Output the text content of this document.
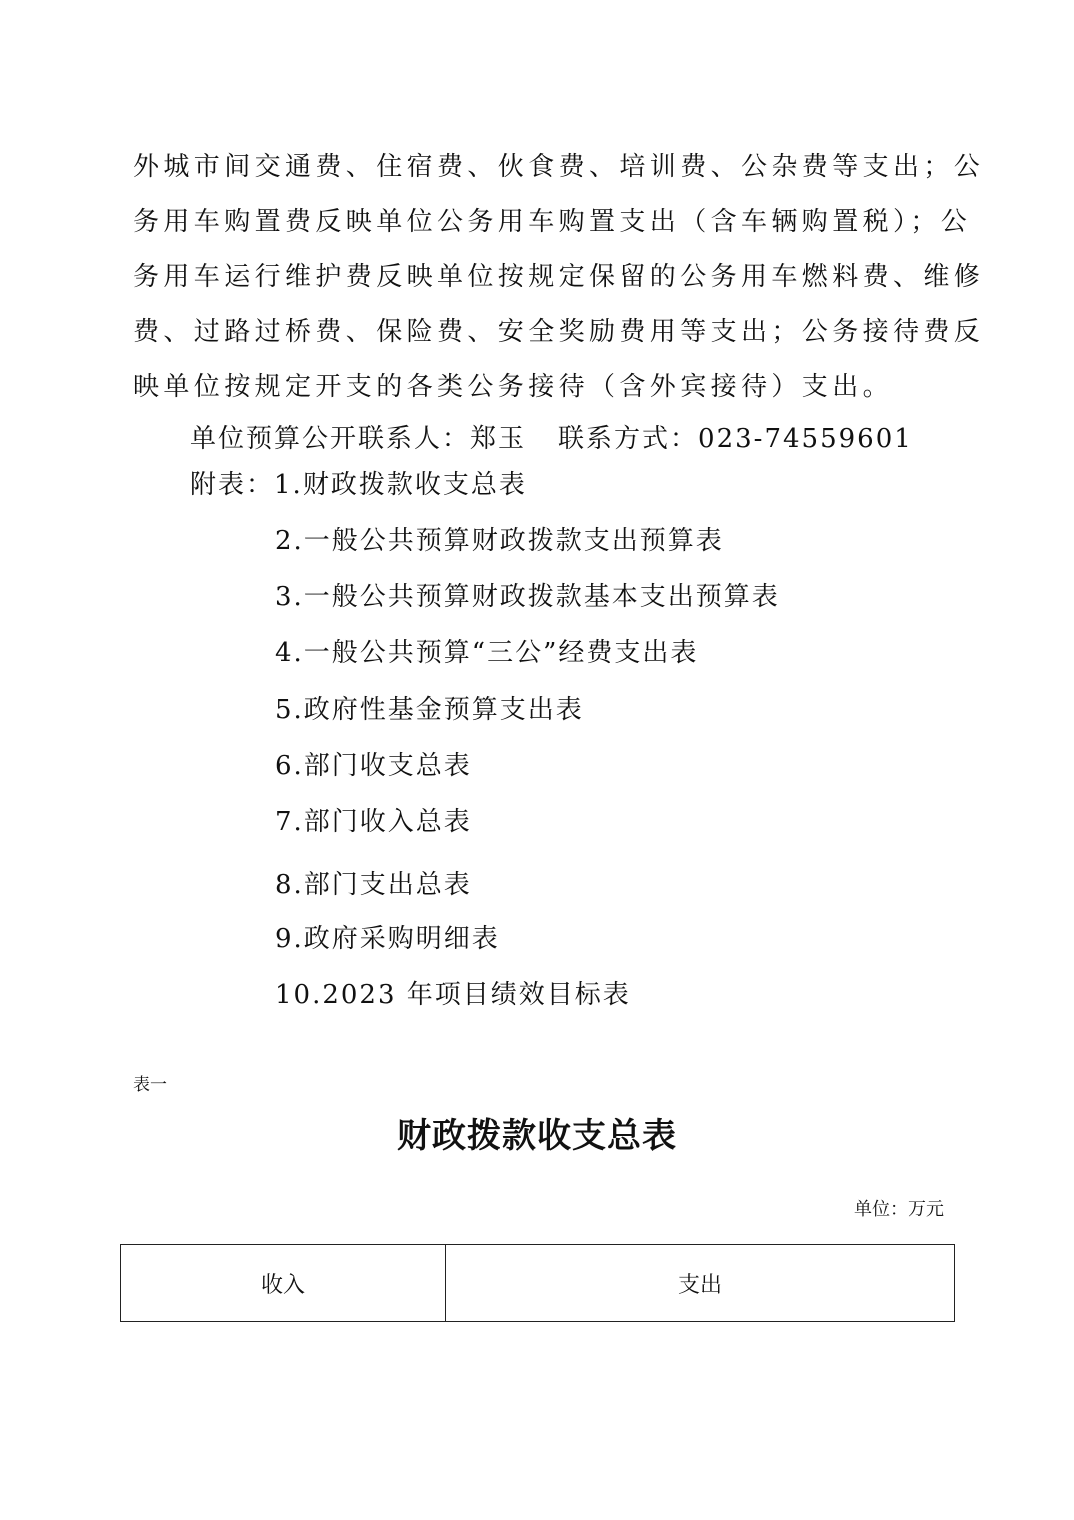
外城市间交通费、住宿费、伙食费、培训费、公杂费等支出；公
务用车购置费反映单位公务用车购置支出（含车辆购置税）；公
务用车运行维护费反映单位按规定保留的公务用车燃料费、维修
费、过路过桥费、保险费、安全奖励费用等支出；公务接待费反
映单位按规定开支的各类公务接待（含外宾接待）支出。
单位预算公开联系人：郑玉 联系方式：023-74559601
附表：1.财政拨款收支总表
2.一般公共预算财政拨款支出预算表
3.一般公共预算财政拨款基本支出预算表
4.一般公共预算“三公”经费支出表
5.政府性基金预算支出表
6.部门收支总表
7.部门收入总表
8.部门支出总表
9.政府采购明细表
10.2023 年项目绩效目标表
表一
财政拨款收支总表
单位：万元
收入	支出
